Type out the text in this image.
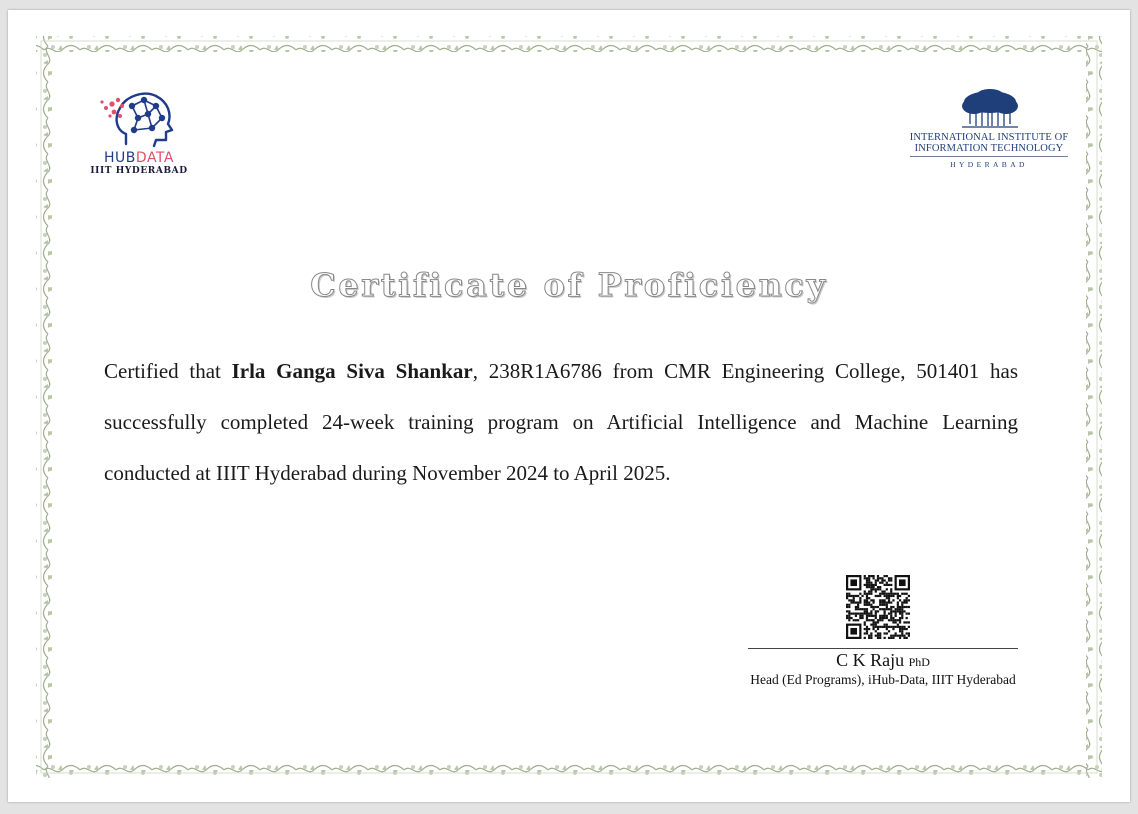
HUBDATA
IIIT HYDERABAD
INTERNATIONAL INSTITUTE OF
INFORMATION TECHNOLOGY
HYDERABAD
Certificate of Proficiency
Certified that Irla Ganga Siva Shankar, 238R1A6786 from CMR Engineering College, 501401 has successfully completed 24-week training program on Artificial Intelligence and Machine Learning conducted at IIIT Hyderabad during November 2024 to April 2025.
C K Raju PhD
Head (Ed Programs), iHub-Data, IIIT Hyderabad
